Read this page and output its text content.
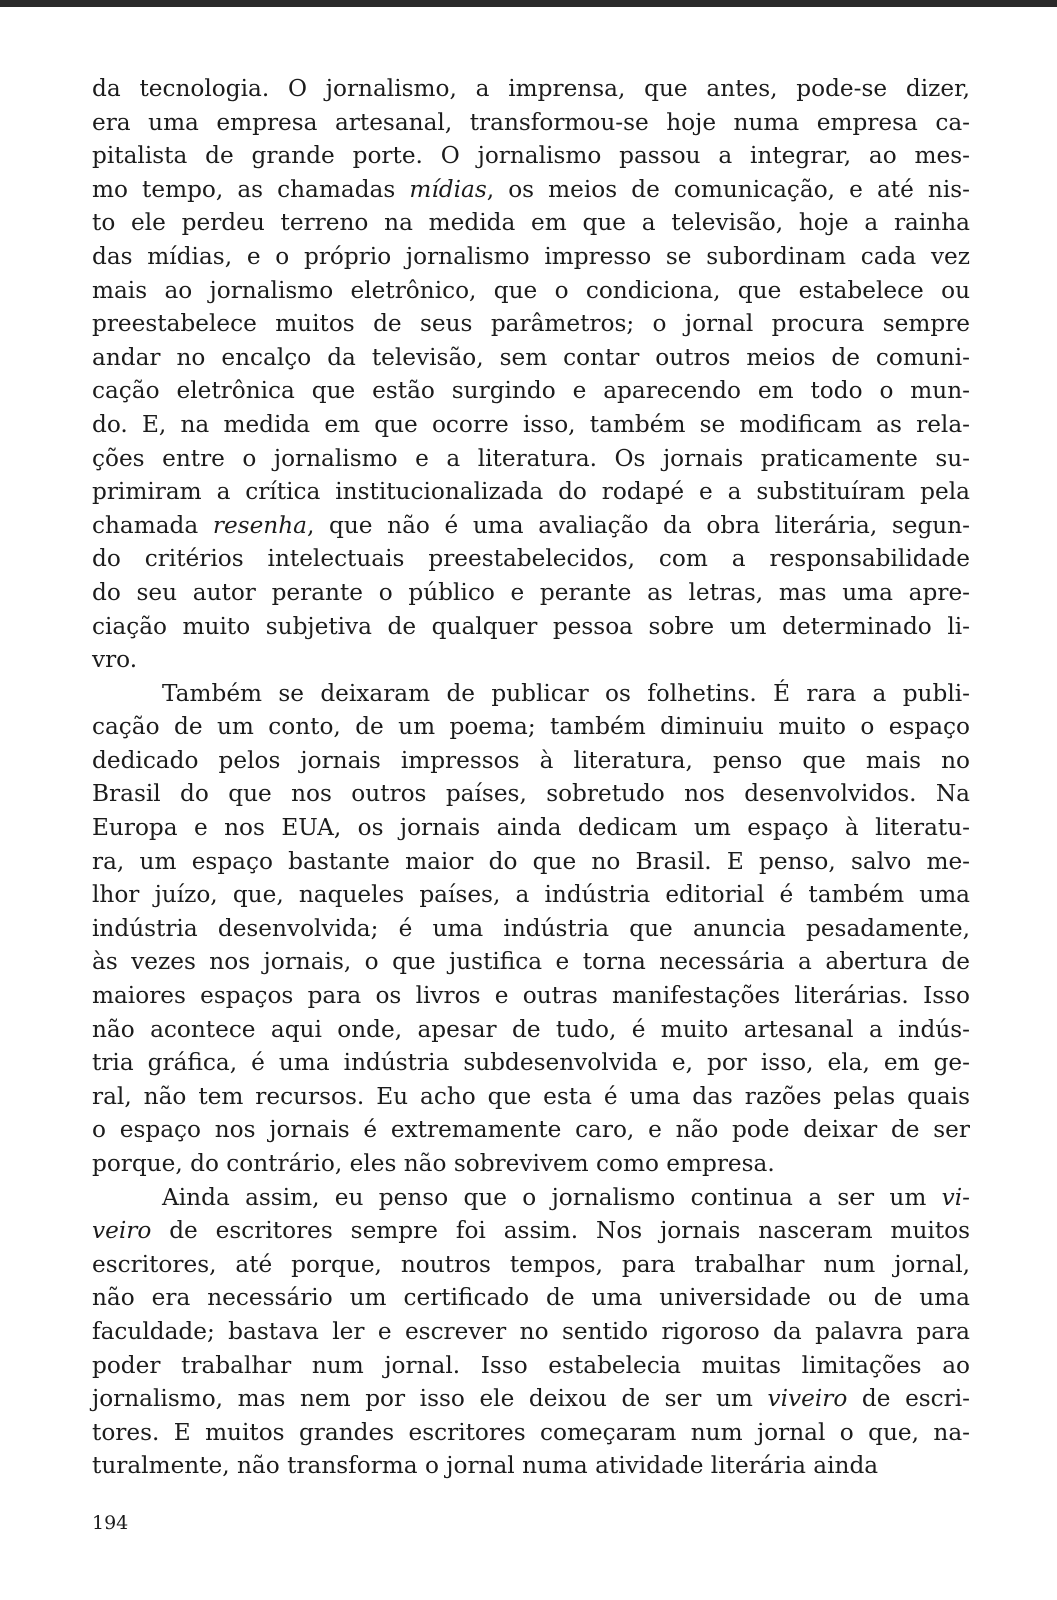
da tecnologia. O jornalismo, a imprensa, que antes, pode-se dizer,
era uma empresa artesanal, transformou-se hoje numa empresa ca-
pitalista de grande porte. O jornalismo passou a integrar, ao mes-
mo tempo, as chamadas mídias, os meios de comunicação, e até nis-
to ele perdeu terreno na medida em que a televisão, hoje a rainha
das mídias, e o próprio jornalismo impresso se subordinam cada vez
mais ao jornalismo eletrônico, que o condiciona, que estabelece ou
preestabelece muitos de seus parâmetros; o jornal procura sempre
andar no encalço da televisão, sem contar outros meios de comuni-
cação eletrônica que estão surgindo e aparecendo em todo o mun-
do. E, na medida em que ocorre isso, também se modificam as rela-
ções entre o jornalismo e a literatura. Os jornais praticamente su-
primiram a crítica institucionalizada do rodapé e a substituíram pela
chamada resenha, que não é uma avaliação da obra literária, segun-
do critérios intelectuais preestabelecidos, com a responsabilidade
do seu autor perante o público e perante as letras, mas uma apre-
ciação muito subjetiva de qualquer pessoa sobre um determinado li-
vro.
Também se deixaram de publicar os folhetins. É rara a publi-
cação de um conto, de um poema; também diminuiu muito o espaço
dedicado pelos jornais impressos à literatura, penso que mais no
Brasil do que nos outros países, sobretudo nos desenvolvidos. Na
Europa e nos EUA, os jornais ainda dedicam um espaço à literatu-
ra, um espaço bastante maior do que no Brasil. E penso, salvo me-
lhor juízo, que, naqueles países, a indústria editorial é também uma
indústria desenvolvida; é uma indústria que anuncia pesadamente,
às vezes nos jornais, o que justifica e torna necessária a abertura de
maiores espaços para os livros e outras manifestações literárias. Isso
não acontece aqui onde, apesar de tudo, é muito artesanal a indús-
tria gráfica, é uma indústria subdesenvolvida e, por isso, ela, em ge-
ral, não tem recursos. Eu acho que esta é uma das razões pelas quais
o espaço nos jornais é extremamente caro, e não pode deixar de ser
porque, do contrário, eles não sobrevivem como empresa.
Ainda assim, eu penso que o jornalismo continua a ser um vi-
veiro de escritores sempre foi assim. Nos jornais nasceram muitos
escritores, até porque, noutros tempos, para trabalhar num jornal,
não era necessário um certificado de uma universidade ou de uma
faculdade; bastava ler e escrever no sentido rigoroso da palavra para
poder trabalhar num jornal. Isso estabelecia muitas limitações ao
jornalismo, mas nem por isso ele deixou de ser um viveiro de escri-
tores. E muitos grandes escritores começaram num jornal o que, na-
turalmente, não transforma o jornal numa atividade literária ainda
194
